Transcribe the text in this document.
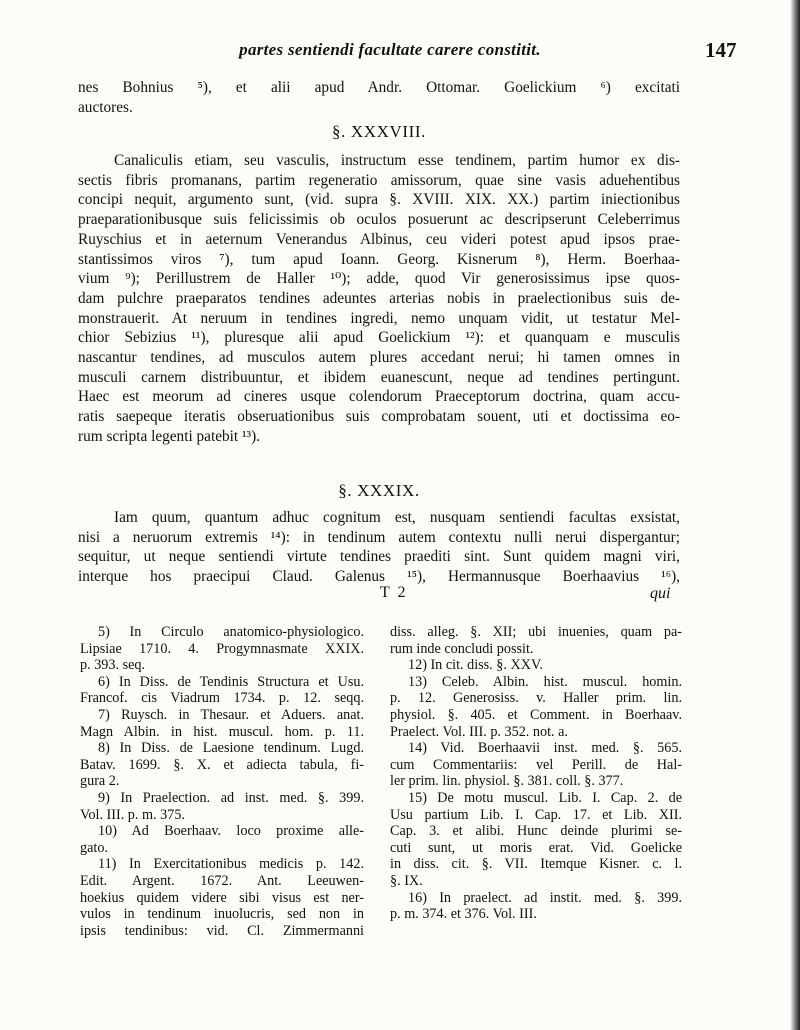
partes sentiendi facultate carere constitit.	147
nes Bohnius ⁵), et alii apud Andr. Ottomar. Goelickium ⁶) excitati
auctores.
§. XXXVIII.
Canaliculis etiam, seu vasculis, instructum esse tendinem, partim humor ex dis-
sectis fibris promanans, partim regeneratio amissorum, quae sine vasis aduehentibus
concipi nequit, argumento sunt, (vid. supra §. XVIII. XIX. XX.) partim iniectionibus
praeparationibusque suis felicissimis ob oculos posuerunt ac descripserunt Celeberrimus
Ruyschius et in aeternum Venerandus Albinus, ceu videri potest apud ipsos prae-
stantissimos viros ⁷), tum apud Ioann. Georg. Kisnerum ⁸), Herm. Boerhaa-
vium ⁹); Perillustrem de Haller ¹⁰); adde, quod Vir generosissimus ipse quos-
dam pulchre praeparatos tendines adeuntes arterias nobis in praelectionibus suis de-
monstrauerit. At neruum in tendines ingredi, nemo unquam vidit, ut testatur Mel-
chior Sebizius ¹¹), pluresque alii apud Goelickium ¹²): et quanquam e musculis
nascantur tendines, ad musculos autem plures accedant nerui; hi tamen omnes in
musculi carnem distribuuntur, et ibidem euanescunt, neque ad tendines pertingunt.
Haec est meorum ad cineres usque colendorum Praeceptorum doctrina, quam accu-
ratis saepeque iteratis obseruationibus suis comprobatam souent, uti et doctissima eo-
rum scripta legenti patebit ¹³).
§. XXXIX.
Iam quum, quantum adhuc cognitum est, nusquam sentiendi facultas exsistat,
nisi a neruorum extremis ¹⁴): in tendinum autem contextu nulli nerui dispergantur;
sequitur, ut neque sentiendi virtute tendines praediti sint. Sunt quidem magni viri,
interque hos praecipui Claud. Galenus ¹⁵), Hermannusque Boerhaavius ¹⁶),
T 2	qui
5) In Circulo anatomico-physiologico.
Lipsiae 1710. 4. Progymnasmate XXIX.
p. 393. seq.
6) In Diss. de Tendinis Structura et Usu.
Francof. cis Viadrum 1734. p. 12. seqq.
7) Ruysch. in Thesaur. et Aduers. anat.
Magn Albin. in hist. muscul. hom. p. 11.
8) In Diss. de Laesione tendinum. Lugd.
Batav. 1699. §. X. et adiecta tabula, fi-
gura 2.
9) In Praelection. ad inst. med. §. 399.
Vol. III. p. m. 375.
10) Ad Boerhaav. loco proxime alle-
gato.
11) In Exercitationibus medicis p. 142.
Edit. Argent. 1672. Ant. Leeuwen-
hoekius quidem videre sibi visus est ner-
vulos in tendinum inuolucris, sed non in
ipsis tendinibus: vid. Cl. Zimmermanni
diss. alleg. §. XII; ubi inuenies, quam pa-
rum inde concludi possit.
12) In cit. diss. §. XXV.
13) Celeb. Albin. hist. muscul. homin.
p. 12. Generosiss. v. Haller prim. lin.
physiol. §. 405. et Comment. in Boerhaav.
Praelect. Vol. III. p. 352. not. a.
14) Vid. Boerhaavii inst. med. §. 565.
cum Commentariis: vel Perill. de Hal-
ler prim. lin. physiol. §. 381. coll. §. 377.
15) De motu muscul. Lib. I. Cap. 2. de
Usu partium Lib. I. Cap. 17. et Lib. XII.
Cap. 3. et alibi. Hunc deinde plurimi se-
cuti sunt, ut moris erat. Vid. Goelicke
in diss. cit. §. VII. Itemque Kisner. c. l.
§. IX.
16) In praelect. ad instit. med. §. 399.
p. m. 374. et 376. Vol. III.
